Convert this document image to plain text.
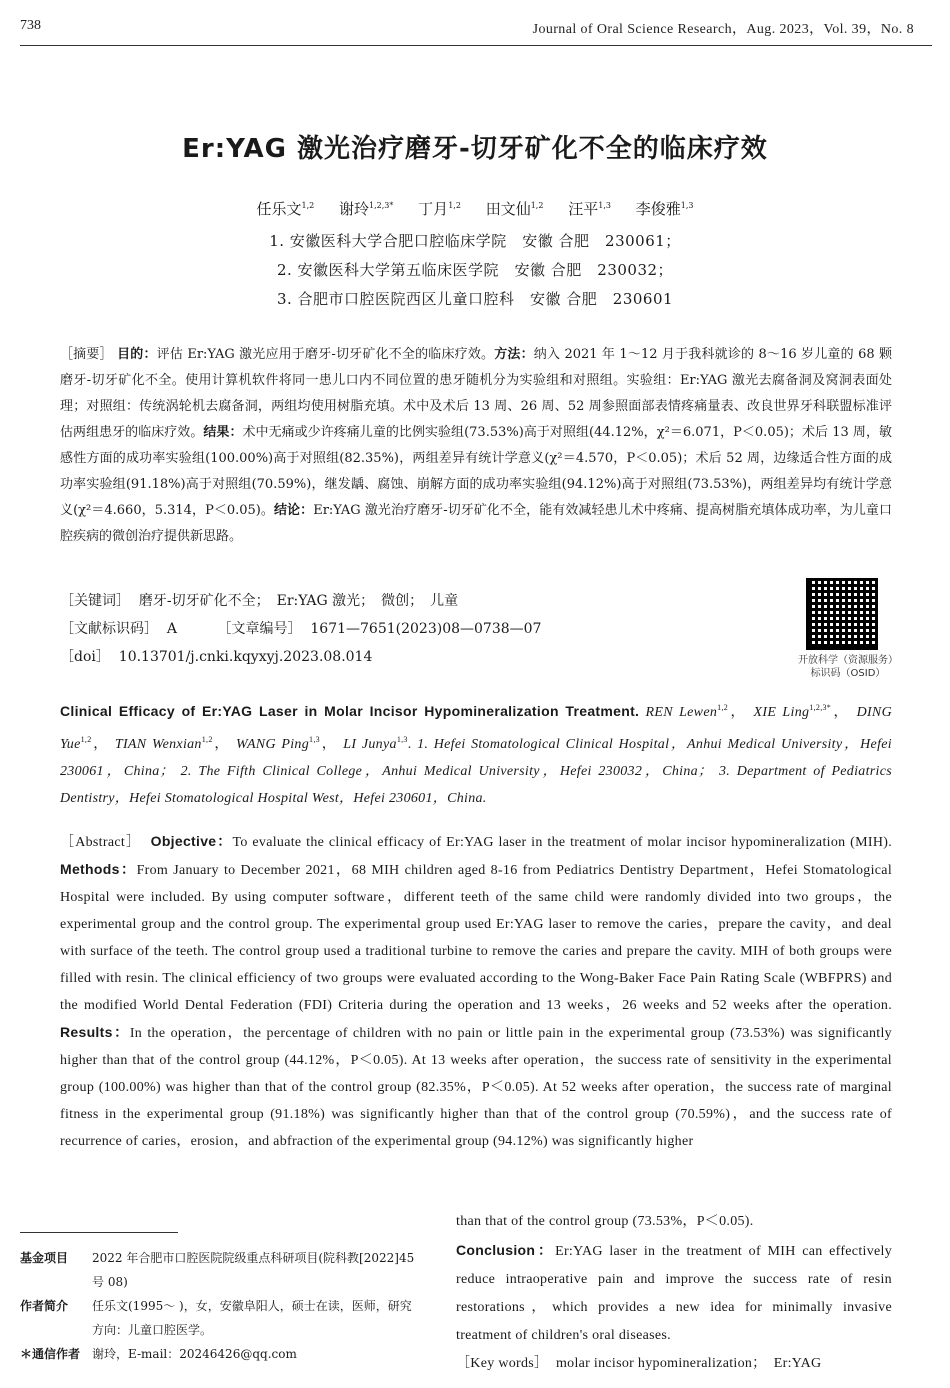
738	Journal of Oral Science Research，Aug. 2023，Vol. 39，No. 8
Er:YAG 激光治疗磨牙-切牙矿化不全的临床疗效
任乐文$^{1,2}$ 谢玲$^{1,2,3*}$ 丁月$^{1,2}$ 田文仙$^{1,2}$ 汪平$^{1,3}$ 李俊雅$^{1,3}$
1. 安徽医科大学合肥口腔临床学院　安徽 合肥　230061；
2. 安徽医科大学第五临床医学院　安徽 合肥　230032；
3. 合肥市口腔医院西区儿童口腔科　安徽 合肥　230601
［摘要］ 目的：评估 Er:YAG 激光应用于磨牙-切牙矿化不全的临床疗效。方法：纳入 2021 年 1～12 月于我科就诊的 8～16 岁儿童的 68 颗磨牙-切牙矿化不全。使用计算机软件将同一患儿口内不同位置的患牙随机分为实验组和对照组。实验组：Er:YAG 激光去腐备洞及窝洞表面处理；对照组：传统涡轮机去腐备洞，两组均使用树脂充填。术中及术后 13 周、26 周、52 周参照面部表情疼痛量表、改良世界牙科联盟标准评估两组患牙的临床疗效。结果：术中无痛或少许疼痛儿童的比例实验组(73.53%)高于对照组(44.12%，χ²＝6.071，P＜0.05)；术后 13 周，敏感性方面的成功率实验组(100.00%)高于对照组(82.35%)，两组差异有统计学意义(χ²＝4.570，P＜0.05)；术后 52 周，边缘适合性方面的成功率实验组(91.18%)高于对照组(70.59%)，继发龋、腐蚀、崩解方面的成功率实验组(94.12%)高于对照组(73.53%)，两组差异均有统计学意义(χ²＝4.660，5.314，P＜0.05)。结论：Er:YAG 激光治疗磨牙-切牙矿化不全，能有效减轻患儿术中疼痛、提高树脂充填体成功率，为儿童口腔疾病的微创治疗提供新思路。
［关键词］ 磨牙-切牙矿化不全；　Er:YAG 激光；　微创；　儿童
［文献标识码］ A	［文章编号］ 1671—7651(2023)08—0738—07
［doi］ 10.13701/j.cnki.kqyxyj.2023.08.014	开放科学（资源服务）
标识码（OSID）
Clinical Efficacy of Er:YAG Laser in Molar Incisor Hypomineralization Treatment. REN Lewen$^{1,2}$， XIE Ling$^{1,2,3*}$， DING Yue$^{1,2}$， TIAN Wenxian$^{1,2}$， WANG Ping$^{1,3}$， LI Junya$^{1,3}$. 1. Hefei Stomatological Clinical Hospital，Anhui Medical University，Hefei 230061，China； 2. The Fifth Clinical College，Anhui Medical University，Hefei 230032，China； 3. Department of Pediatrics Dentistry，Hefei Stomatological Hospital West，Hefei 230601，China.
［Abstract］ Objective：To evaluate the clinical efficacy of Er:YAG laser in the treatment of molar incisor hypomineralization (MIH). Methods：From January to December 2021，68 MIH children aged 8-16 from Pediatrics Dentistry Department，Hefei Stomatological Hospital were included. By using computer software，different teeth of the same child were randomly divided into two groups，the experimental group and the control group. The experimental group used Er:YAG laser to remove the caries，prepare the cavity，and deal with surface of the teeth. The control group used a traditional turbine to remove the caries and prepare the cavity. MIH of both groups were filled with resin. The clinical efficiency of two groups were evaluated according to the Wong-Baker Face Pain Rating Scale (WBFPRS) and the modified World Dental Federation (FDI) Criteria during the operation and 13 weeks，26 weeks and 52 weeks after the operation. Results：In the operation，the percentage of children with no pain or little pain in the experimental group (73.53%) was significantly higher than that of the control group (44.12%，P＜0.05). At 13 weeks after operation，the success rate of sensitivity in the experimental group (100.00%) was higher than that of the control group (82.35%，P＜0.05). At 52 weeks after operation，the success rate of marginal fitness in the experimental group (91.18%) was significantly higher than that of the control group (70.59%)，and the success rate of recurrence of caries，erosion，and abfraction of the experimental group (94.12%) was significantly higher
than that of the control group (73.53%，P＜0.05).
Conclusion：Er:YAG laser in the treatment of MIH can effectively reduce intraoperative pain and improve the success rate of resin restorations，which provides a new idea for minimally invasive treatment of children's oral diseases.
［Key words］ molar incisor hypomineralization；　Er:YAG
基金项目	2022 年合肥市口腔医院院级重点科研项目(院科教[2022]45 号 08)
作者简介	任乐文(1995～ )，女，安徽阜阳人，硕士在读，医师，研究方向：儿童口腔医学。
＊通信作者 谢玲，E-mail：20246426@qq.com
